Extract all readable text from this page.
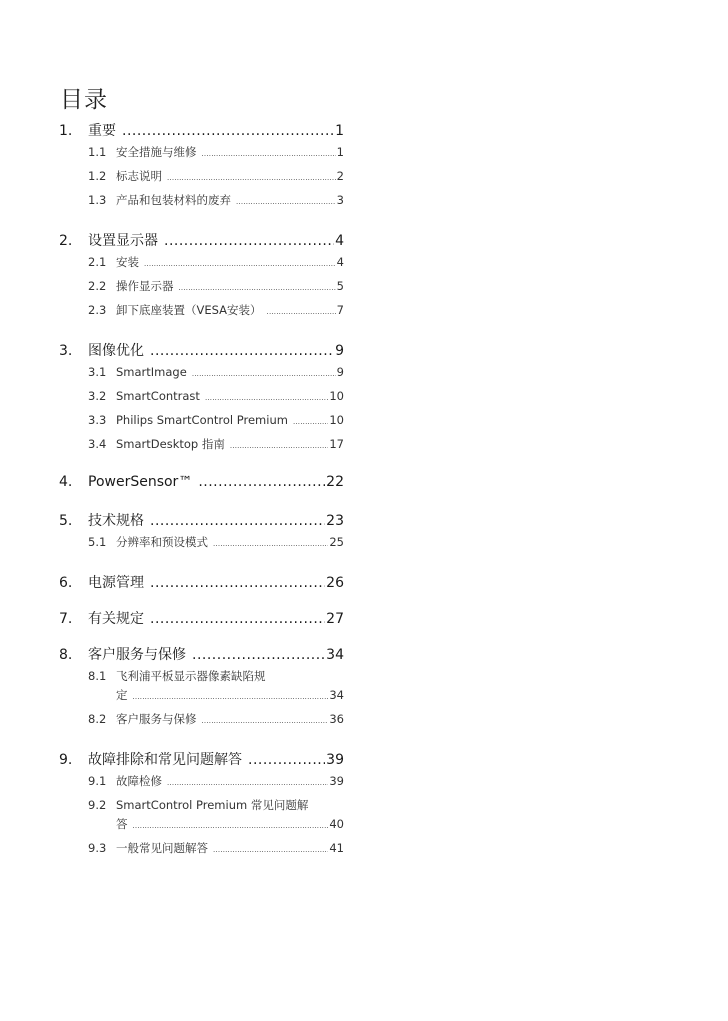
目录
1.	重要 .....	1
1.1 安全措施与维修 .....	1
1.2 标志说明 .....	2
1.3 产品和包装材料的废弃 .....	3
2.	设置显示器 .....	4
2.1 安装 .....	4
2.2 操作显示器 .....	5
2.3 卸下底座装置（VESA安装） .....	7
3.	图像优化 .....	9
3.1 SmartImage .....	9
3.2 SmartContrast .....	10
3.3 Philips SmartControl Premium .....	10
3.4 SmartDesktop 指南 .....	17
4.	PowerSensor™ .....	22
5.	技术规格 .....	23
5.1 分辨率和预设模式 .....	25
6.	电源管理 .....	26
7.	有关规定 .....	27
8.	客户服务与保修 .....	34
8.1 飞利浦平板显示器像素缺陷规
定 .....	34
8.2 客户服务与保修 .....	36
9.	故障排除和常见问题解答 .....	39
9.1 故障检修 .....	39
9.2 SmartControl Premium 常见问题解
答 .....	40
9.3 一般常见问题解答 .....	41
